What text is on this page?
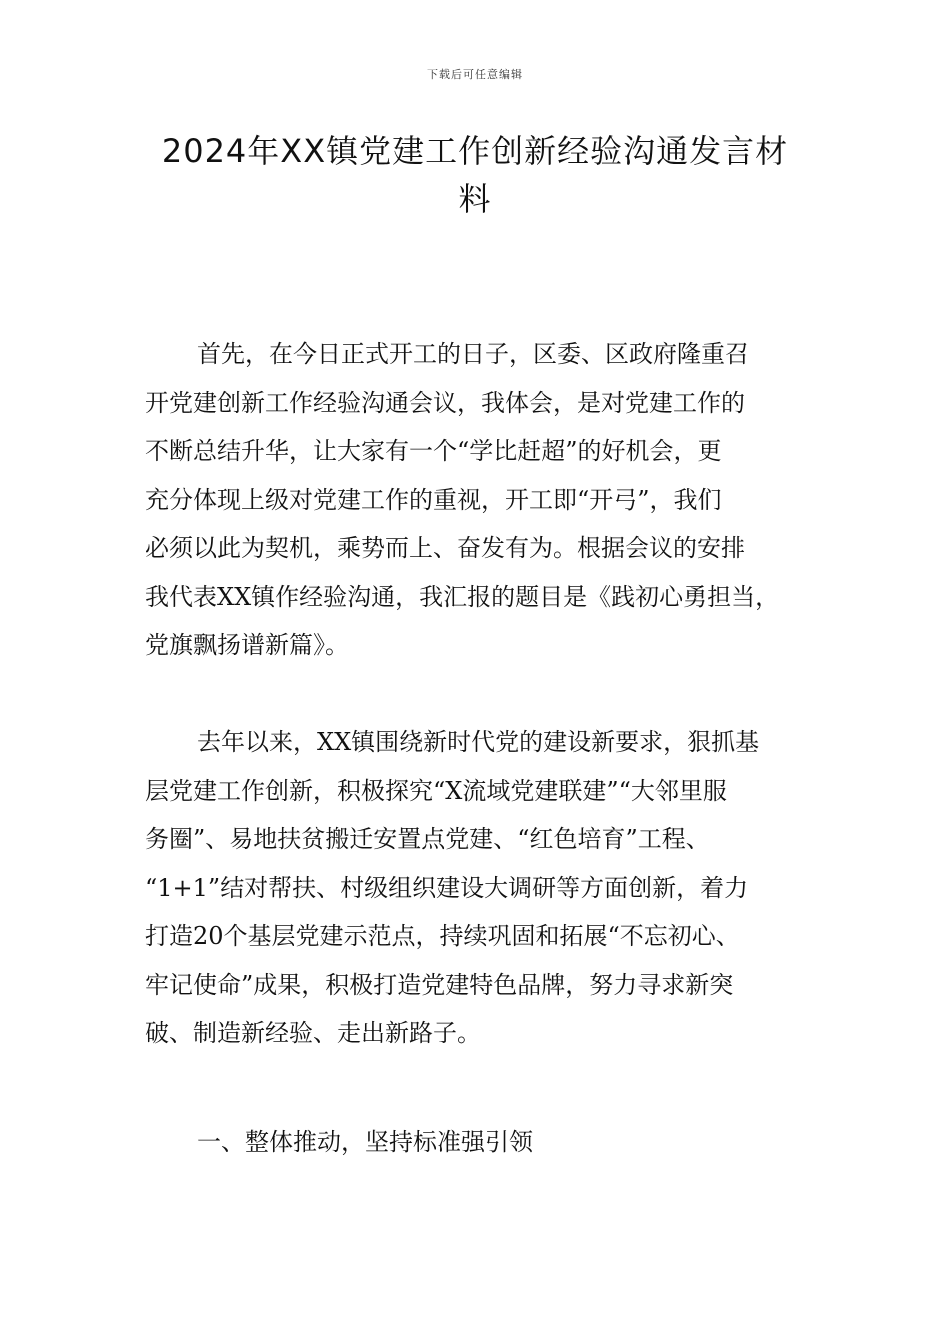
下载后可任意编辑
2024年XX镇党建工作创新经验沟通发言材
料
首先，在今日正式开工的日子，区委、区政府隆重召
开党建创新工作经验沟通会议，我体会，是对党建工作的
不断总结升华，让大家有一个“学比赶超”的好机会，更
充分体现上级对党建工作的重视，开工即“开弓”，我们
必须以此为契机，乘势而上、奋发有为。根据会议的安排
我代表XX镇作经验沟通，我汇报的题目是《践初心勇担当，
党旗飘扬谱新篇》。
去年以来，XX镇围绕新时代党的建设新要求，狠抓基
层党建工作创新，积极探究“X流域党建联建”“大邻里服
务圈”、易地扶贫搬迁安置点党建、“红色培育”工程、
“1+1”结对帮扶、村级组织建设大调研等方面创新，着力
打造20个基层党建示范点，持续巩固和拓展“不忘初心、
牢记使命”成果，积极打造党建特色品牌，努力寻求新突
破、制造新经验、走出新路子。
一、整体推动，坚持标准强引领
